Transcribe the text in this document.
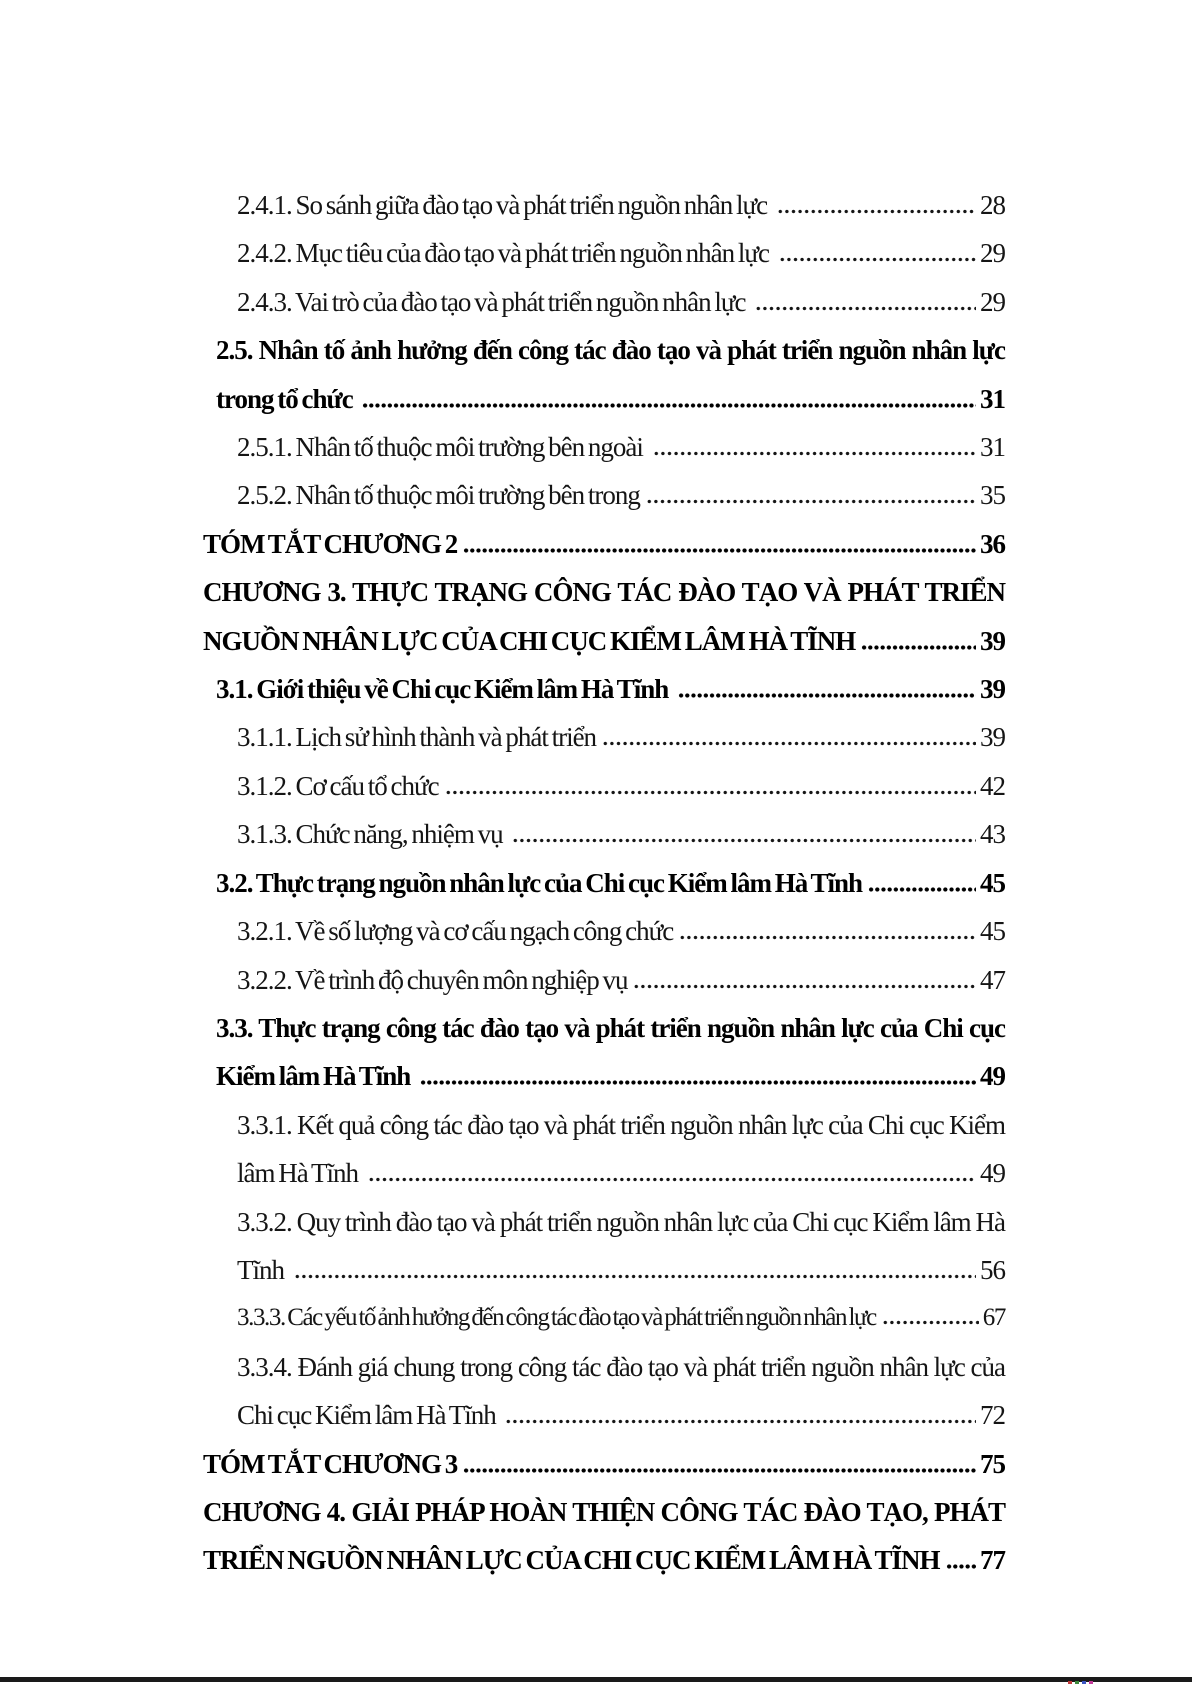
2.4.1. So sánh giữa đào tạo và phát triển nguồn nhân lực	28
2.4.2. Mục tiêu của đào tạo và phát triển nguồn nhân lực	29
2.4.3. Vai trò của đào tạo và phát triển nguồn nhân lực	29
2.5. Nhân tố ảnh hưởng đến công tác đào tạo và phát triển nguồn nhân lực
trong tổ chức	31
2.5.1. Nhân tố thuộc môi trường bên ngoài	31
2.5.2. Nhân tố thuộc môi trường bên trong	35
TÓM TẮT CHƯƠNG 2	36
CHƯƠNG 3. THỰC TRẠNG CÔNG TÁC ĐÀO TẠO VÀ PHÁT TRIỂN
NGUỒN NHÂN LỰC CỦA CHI CỤC KIỂM LÂM HÀ TĨNH	39
3.1. Giới thiệu về Chi cục Kiểm lâm Hà Tĩnh	39
3.1.1. Lịch sử hình thành và phát triển	39
3.1.2. Cơ cấu tổ chức	42
3.1.3. Chức năng, nhiệm vụ	43
3.2. Thực trạng nguồn nhân lực của Chi cục Kiểm lâm Hà Tĩnh	45
3.2.1. Về số lượng và cơ cấu ngạch công chức	45
3.2.2. Về trình độ chuyên môn nghiệp vụ	47
3.3. Thực trạng công tác đào tạo và phát triển nguồn nhân lực của Chi cục
Kiểm lâm Hà Tĩnh	49
3.3.1. Kết quả công tác đào tạo và phát triển nguồn nhân lực của Chi cục Kiểm
lâm Hà Tĩnh	49
3.3.2. Quy trình đào tạo và phát triển nguồn nhân lực của Chi cục Kiểm lâm Hà
Tĩnh	56
3.3.3. Các yếu tố ảnh hưởng đến công tác đào tạo và phát triển nguồn nhân lực	67
3.3.4. Đánh giá chung trong công tác đào tạo và phát triển nguồn nhân lực của
Chi cục Kiểm lâm Hà Tĩnh	72
TÓM TẮT CHƯƠNG 3	75
CHƯƠNG 4. GIẢI PHÁP HOÀN THIỆN CÔNG TÁC ĐÀO TẠO, PHÁT
TRIỂN NGUỒN NHÂN LỰC CỦA CHI CỤC KIỂM LÂM HÀ TĨNH 77
